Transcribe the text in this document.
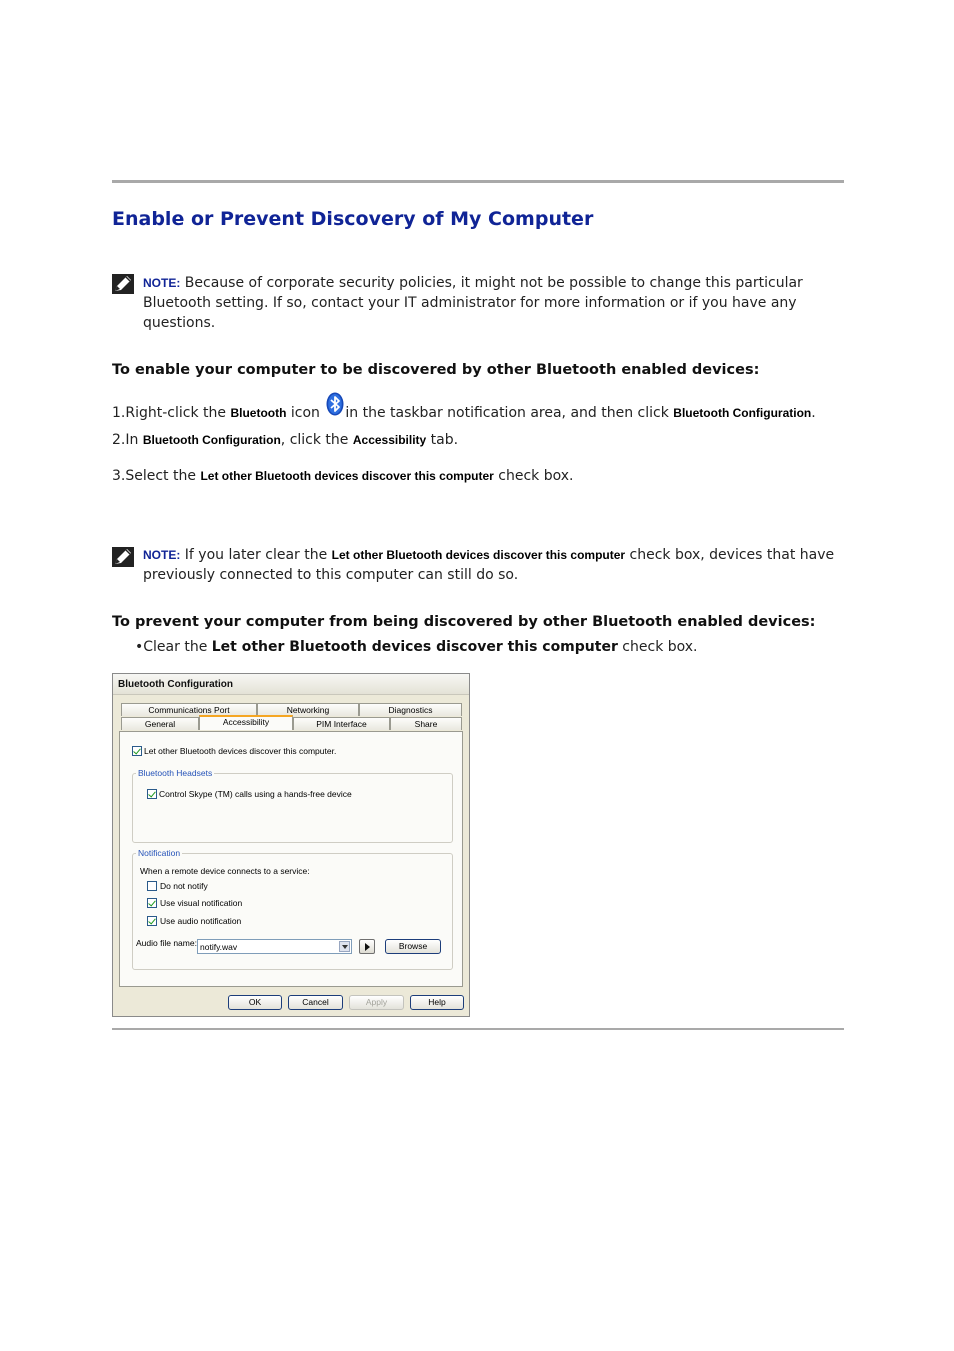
Enable or Prevent Discovery of My Computer
NOTE: Because of corporate security policies, it might not be possible to change this particular Bluetooth setting. If so, contact your IT administrator for more information or if you have any questions.
To enable your computer to be discovered by other Bluetooth enabled devices:
1.Right-click the Bluetooth icon in the taskbar notification area, and then click Bluetooth Configuration.
2.In Bluetooth Configuration, click the Accessibility tab.
3.Select the Let other Bluetooth devices discover this computer check box.
NOTE: If you later clear the Let other Bluetooth devices discover this computer check box, devices that have previously connected to this computer can still do so.
To prevent your computer from being discovered by other Bluetooth enabled devices:
•Clear the Let other Bluetooth devices discover this computer check box.
Bluetooth Configuration
Communications Port	Networking	Diagnostics
General	Accessibility	PIM Interface	Share
Let other Bluetooth devices discover this computer.
Bluetooth Headsets
Control Skype (TM) calls using a hands-free device
Notification
When a remote device connects to a service:
Do not notify
Use visual notification
Use audio notification
Audio file name: notify.wav	Browse
OK	Cancel	Apply	Help
